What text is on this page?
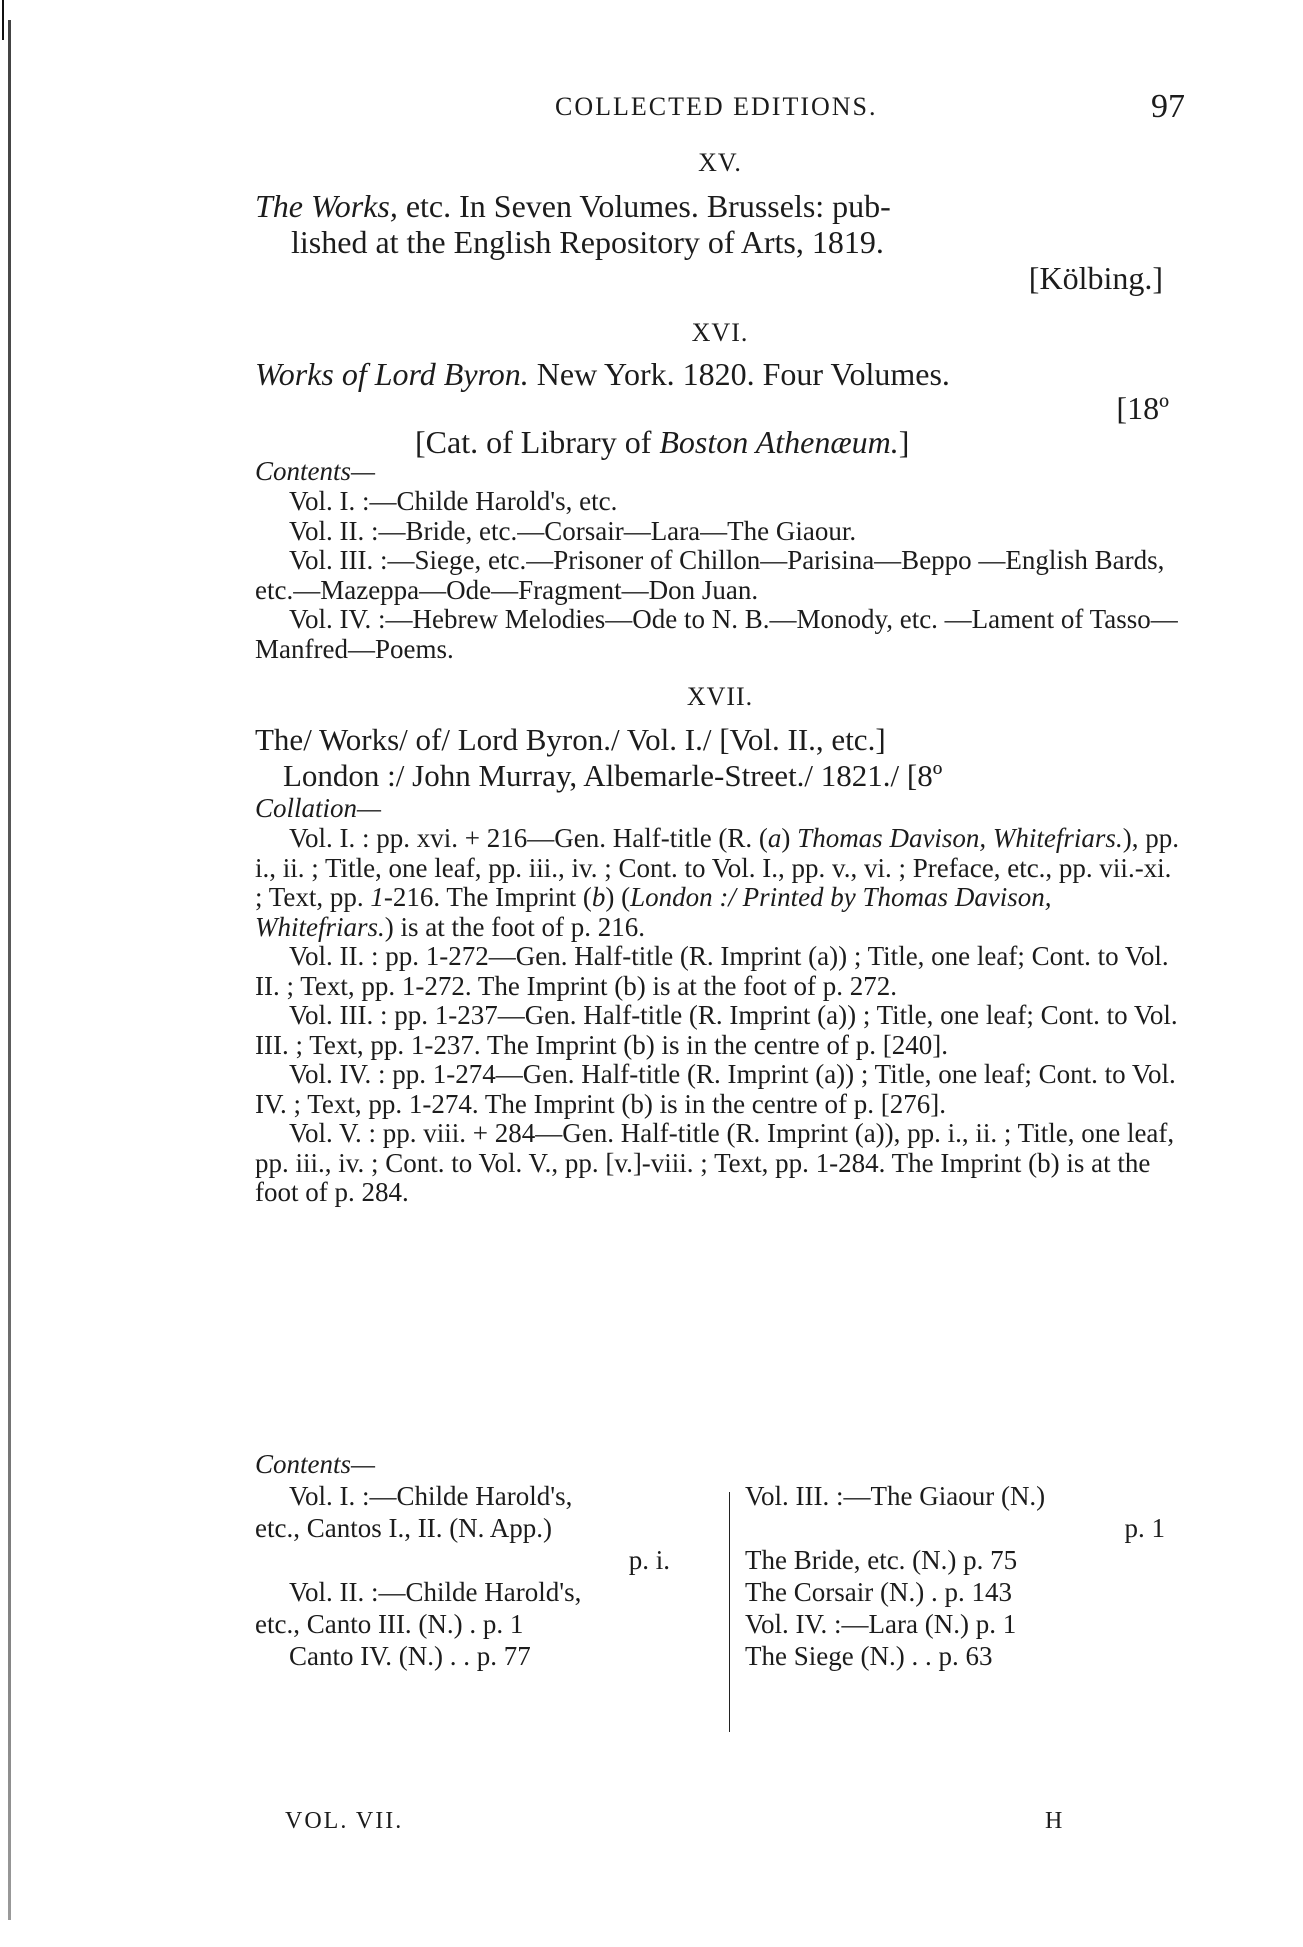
COLLECTED EDITIONS.	97
XV.
The Works, etc. In Seven Volumes. Brussels: pub-
lished at the English Repository of Arts, 1819.
[Kölbing.]
XVI.
Works of Lord Byron. New York. 1820. Four Volumes.
[18º
[Cat. of Library of Boston Athenæum.]
Contents—
Vol. I. :—Childe Harold's, etc.
Vol. II. :—Bride, etc.—Corsair—Lara—The Giaour.
Vol. III. :—Siege, etc.—Prisoner of Chillon—Parisina—Beppo —English Bards, etc.—Mazeppa—Ode—Fragment—Don Juan.
Vol. IV. :—Hebrew Melodies—Ode to N. B.—Monody, etc. —Lament of Tasso—Manfred—Poems.
XVII.
The/ Works/ of/ Lord Byron./ Vol. I./ [Vol. II., etc.]
London :/ John Murray, Albemarle-Street./ 1821./ [8º
Collation—
Vol. I. : pp. xvi. + 216—Gen. Half-title (R. (a) Thomas Davison, Whitefriars.), pp. i., ii. ; Title, one leaf, pp. iii., iv. ; Cont. to Vol. I., pp. v., vi. ; Preface, etc., pp. vii.-xi. ; Text, pp. 1-216. The Imprint (b) (London :/ Printed by Thomas Davison, Whitefriars.) is at the foot of p. 216.
Vol. II. : pp. 1-272—Gen. Half-title (R. Imprint (a)) ; Title, one leaf; Cont. to Vol. II. ; Text, pp. 1-272. The Imprint (b) is at the foot of p. 272.
Vol. III. : pp. 1-237—Gen. Half-title (R. Imprint (a)) ; Title, one leaf; Cont. to Vol. III. ; Text, pp. 1-237. The Imprint (b) is in the centre of p. [240].
Vol. IV. : pp. 1-274—Gen. Half-title (R. Imprint (a)) ; Title, one leaf; Cont. to Vol. IV. ; Text, pp. 1-274. The Imprint (b) is in the centre of p. [276].
Vol. V. : pp. viii. + 284—Gen. Half-title (R. Imprint (a)), pp. i., ii. ; Title, one leaf, pp. iii., iv. ; Cont. to Vol. V., pp. [v.]-viii. ; Text, pp. 1-284. The Imprint (b) is at the foot of p. 284.
Contents—
Vol. I. :—Childe Harold's,
etc., Cantos I., II. (N. App.)
p. i.
Vol. II. :—Childe Harold's,
etc., Canto III. (N.) . p. 1
Canto IV. (N.) . . p. 77
Vol. III. :—The Giaour (N.)
p. 1
The Bride, etc. (N.) p. 75
The Corsair (N.) . p. 143
Vol. IV. :—Lara (N.) p. 1
The Siege (N.) . . p. 63
VOL. VII.	H
